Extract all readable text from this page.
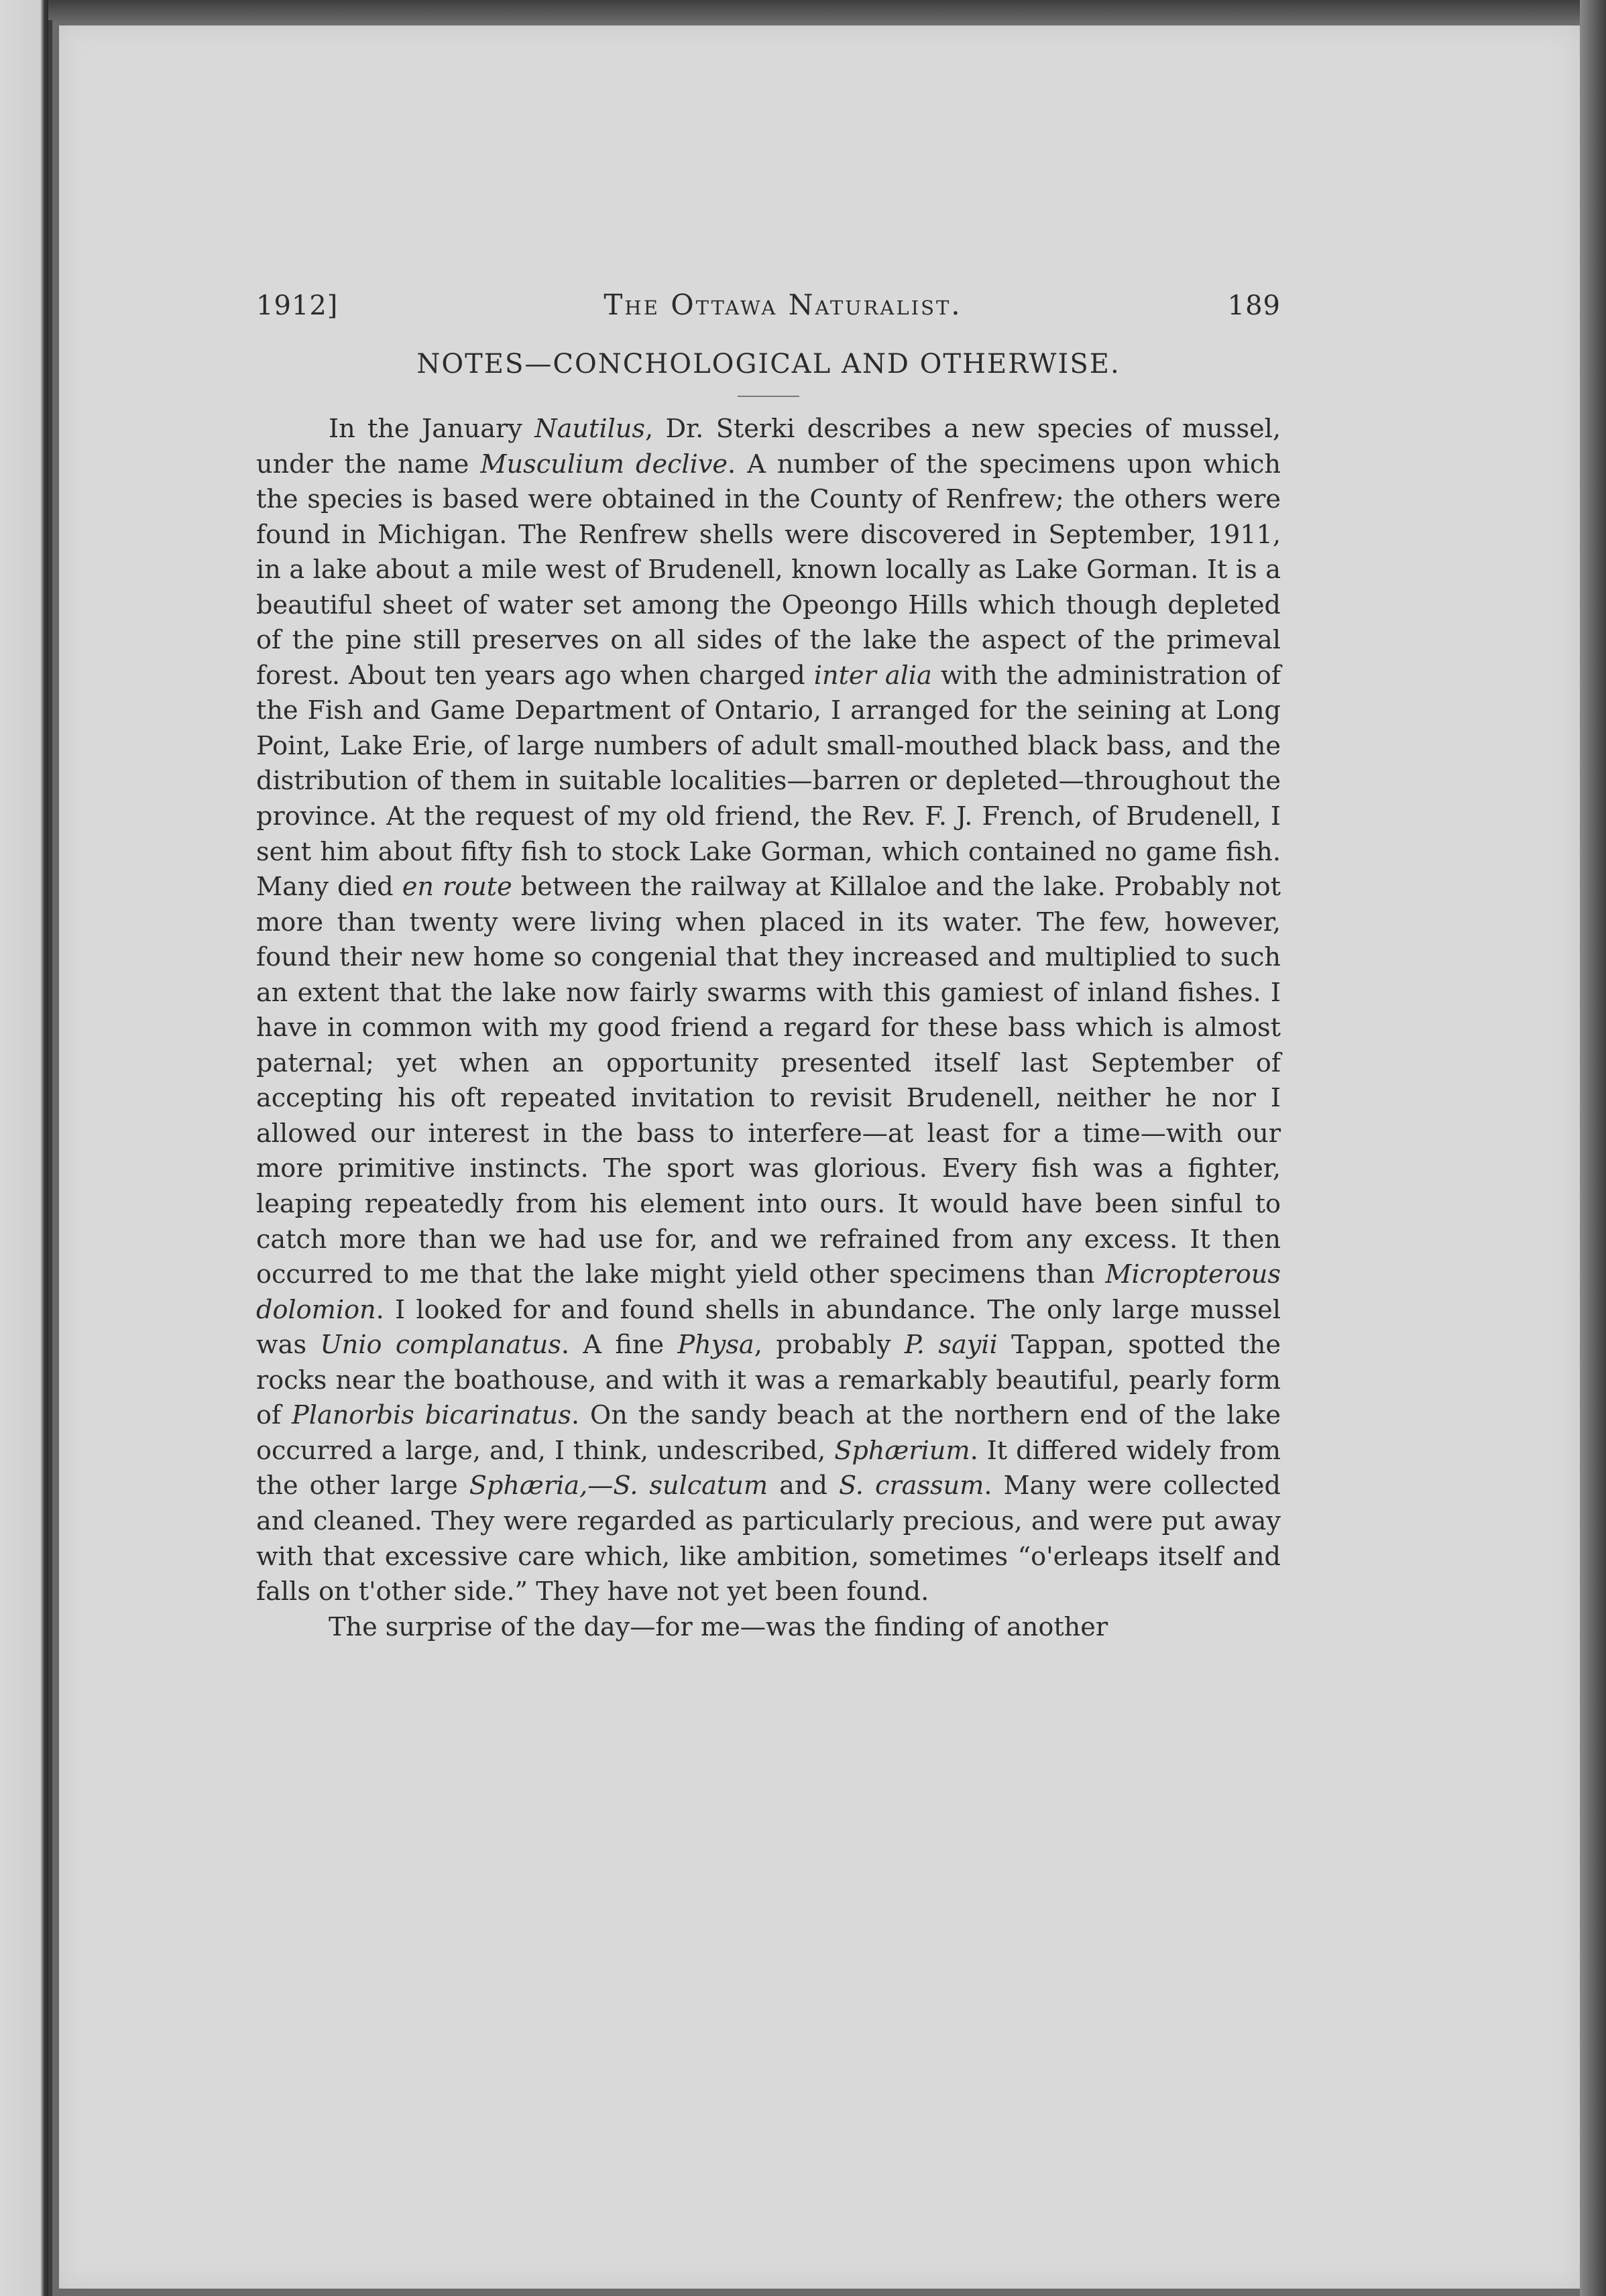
1912]	The Ottawa Naturalist.	189
NOTES—CONCHOLOGICAL AND OTHERWISE.

In the January Nautilus, Dr. Sterki describes a new species of mussel, under the name Musculium declive. A number of the specimens upon which the species is based were obtained in the County of Renfrew; the others were found in Michigan. The Renfrew shells were discovered in September, 1911, in a lake about a mile west of Brudenell, known locally as Lake Gorman. It is a beautiful sheet of water set among the Opeongo Hills which though depleted of the pine still preserves on all sides of the lake the aspect of the primeval forest. About ten years ago when charged inter alia with the administration of the Fish and Game Department of Ontario, I arranged for the seining at Long Point, Lake Erie, of large numbers of adult small-mouthed black bass, and the distribution of them in suitable localities—barren or depleted—throughout the province. At the request of my old friend, the Rev. F. J. French, of Brudenell, I sent him about fifty fish to stock Lake Gorman, which contained no game fish. Many died en route between the railway at Killaloe and the lake. Probably not more than twenty were living when placed in its water. The few, however, found their new home so congenial that they increased and multiplied to such an extent that the lake now fairly swarms with this gamiest of inland fishes. I have in common with my good friend a regard for these bass which is almost paternal; yet when an opportunity presented itself last September of accepting his oft repeated invitation to revisit Brudenell, neither he nor I allowed our interest in the bass to interfere—at least for a time—with our more primitive instincts. The sport was glorious. Every fish was a fighter, leaping repeatedly from his element into ours. It would have been sinful to catch more than we had use for, and we refrained from any excess. It then occurred to me that the lake might yield other specimens than Micropterous dolomion. I looked for and found shells in abundance. The only large mussel was Unio complanatus. A fine Physa, probably P. sayii Tappan, spotted the rocks near the boathouse, and with it was a remarkably beautiful, pearly form of Planorbis bicarinatus. On the sandy beach at the northern end of the lake occurred a large, and, I think, undescribed, Sphærium. It differed widely from the other large Sphæria,—S. sulcatum and S. crassum. Many were collected and cleaned. They were regarded as particularly precious, and were put away with that excessive care which, like ambition, sometimes “o'erleaps itself and falls on t'other side.” They have not yet been found.

The surprise of the day—for me—was the finding of another
